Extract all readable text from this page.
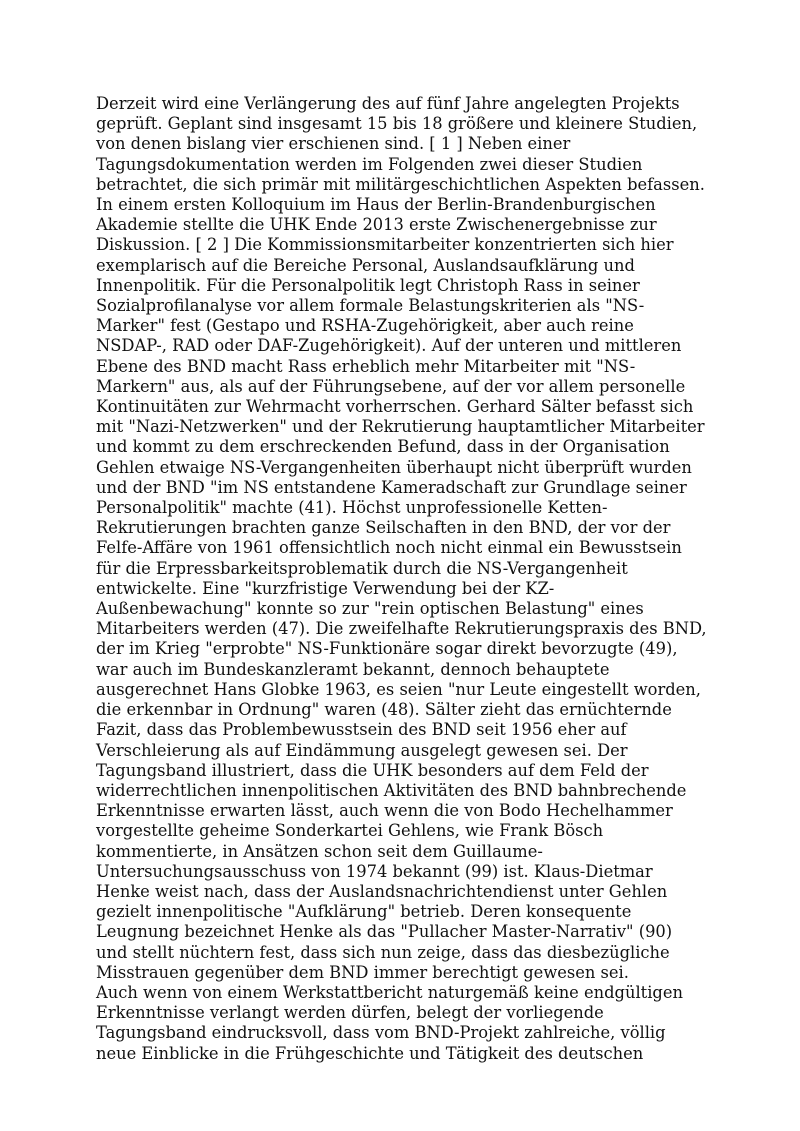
Derzeit wird eine Verlängerung des auf fünf Jahre angelegten Projekts
geprüft. Geplant sind insgesamt 15 bis 18 größere und kleinere Studien,
von denen bislang vier erschienen sind. [ 1 ] Neben einer
Tagungsdokumentation werden im Folgenden zwei dieser Studien
betrachtet, die sich primär mit militärgeschichtlichen Aspekten befassen.
In einem ersten Kolloquium im Haus der Berlin-Brandenburgischen
Akademie stellte die UHK Ende 2013 erste Zwischenergebnisse zur
Diskussion. [ 2 ] Die Kommissionsmitarbeiter konzentrierten sich hier
exemplarisch auf die Bereiche Personal, Auslandsaufklärung und
Innenpolitik. Für die Personalpolitik legt Christoph Rass in seiner
Sozialprofilanalyse vor allem formale Belastungskriterien als "NS-
Marker" fest (Gestapo und RSHA-Zugehörigkeit, aber auch reine
NSDAP-, RAD oder DAF-Zugehörigkeit). Auf der unteren und mittleren
Ebene des BND macht Rass erheblich mehr Mitarbeiter mit "NS-
Markern" aus, als auf der Führungsebene, auf der vor allem personelle
Kontinuitäten zur Wehrmacht vorherrschen. Gerhard Sälter befasst sich
mit "Nazi-Netzwerken" und der Rekrutierung hauptamtlicher Mitarbeiter
und kommt zu dem erschreckenden Befund, dass in der Organisation
Gehlen etwaige NS-Vergangenheiten überhaupt nicht überprüft wurden
und der BND "im NS entstandene Kameradschaft zur Grundlage seiner
Personalpolitik" machte (41). Höchst unprofessionelle Ketten-
Rekrutierungen brachten ganze Seilschaften in den BND, der vor der
Felfe-Affäre von 1961 offensichtlich noch nicht einmal ein Bewusstsein
für die Erpressbarkeitsproblematik durch die NS-Vergangenheit
entwickelte. Eine "kurzfristige Verwendung bei der KZ-
Außenbewachung" konnte so zur "rein optischen Belastung" eines
Mitarbeiters werden (47). Die zweifelhafte Rekrutierungspraxis des BND,
der im Krieg "erprobte" NS-Funktionäre sogar direkt bevorzugte (49),
war auch im Bundeskanzleramt bekannt, dennoch behauptete
ausgerechnet Hans Globke 1963, es seien "nur Leute eingestellt worden,
die erkennbar in Ordnung" waren (48). Sälter zieht das ernüchternde
Fazit, dass das Problembewusstsein des BND seit 1956 eher auf
Verschleierung als auf Eindämmung ausgelegt gewesen sei. Der
Tagungsband illustriert, dass die UHK besonders auf dem Feld der
widerrechtlichen innenpolitischen Aktivitäten des BND bahnbrechende
Erkenntnisse erwarten lässt, auch wenn die von Bodo Hechelhammer
vorgestellte geheime Sonderkartei Gehlens, wie Frank Bösch
kommentierte, in Ansätzen schon seit dem Guillaume-
Untersuchungsausschuss von 1974 bekannt (99) ist. Klaus-Dietmar
Henke weist nach, dass der Auslandsnachrichtendienst unter Gehlen
gezielt innenpolitische "Aufklärung" betrieb. Deren konsequente
Leugnung bezeichnet Henke als das "Pullacher Master-Narrativ" (90)
und stellt nüchtern fest, dass sich nun zeige, dass das diesbezügliche
Misstrauen gegenüber dem BND immer berechtigt gewesen sei.
Auch wenn von einem Werkstattbericht naturgemäß keine endgültigen
Erkenntnisse verlangt werden dürfen, belegt der vorliegende
Tagungsband eindrucksvoll, dass vom BND-Projekt zahlreiche, völlig
neue Einblicke in die Frühgeschichte und Tätigkeit des deutschen
